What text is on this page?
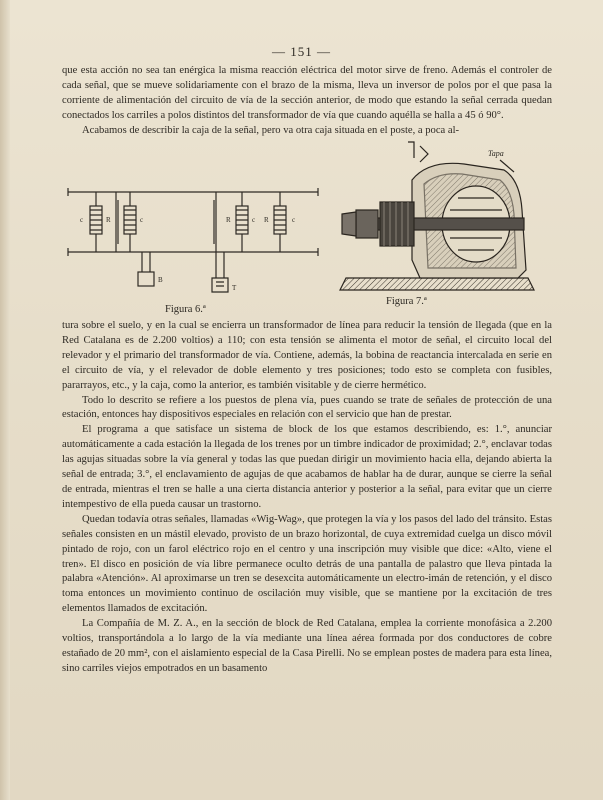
— 151 —

que esta acción no sea tan enérgica la misma reacción eléctrica del motor sirve de freno. Además el controler de cada señal, que se mueve solidariamente con el brazo de la misma, lleva un inversor de polos por el que pasa la corriente de alimentación del circuito de vía de la sección anterior, de modo que estando la señal cerrada quedan conectados los carriles a polos distintos del transformador de vía que cuando aquélla se halla a 45 ó 90°.

Acabamos de describir la caja de la señal, pero va otra caja situada en el poste, a poca al-

c	R	c	R	c R	c
B
T
Figura 6.ª
Tapa
Figura 7.ª

tura sobre el suelo, y en la cual se encierra un transformador de línea para reducir la tensión de llegada (que en la Red Catalana es de 2.200 voltios) a 110; con esta tensión se alimenta el motor de señal, el circuito local del relevador y el primario del transformador de vía. Contiene, además, la bobina de reactancia intercalada en serie en el circuito de vía, y el relevador de doble elemento y tres posiciones; todo esto se completa con fusibles, pararrayos, etc., y la caja, como la anterior, es también visitable y de cierre hermético.

Todo lo descrito se refiere a los puestos de plena vía, pues cuando se trate de señales de protección de una estación, entonces hay dispositivos especiales en relación con el servicio que han de prestar.

El programa a que satisface un sistema de block de los que estamos describiendo, es: 1.°, anunciar automáticamente a cada estación la llegada de los trenes por un timbre indicador de proximidad; 2.°, enclavar todas las agujas situadas sobre la vía general y todas las que puedan dirigir un movimiento hacia ella, dejando abierta la señal de entrada; 3.°, el enclavamiento de agujas de que acabamos de hablar ha de durar, aunque se cierre la señal de entrada, mientras el tren se halle a una cierta distancia anterior y posterior a la señal, para evitar que un cierre intempestivo de ella pueda causar un trastorno.

Quedan todavía otras señales, llamadas «Wig-Wag», que protegen la vía y los pasos del lado del tránsito. Estas señales consisten en un mástil elevado, provisto de un brazo horizontal, de cuya extremidad cuelga un disco móvil pintado de rojo, con un farol eléctrico rojo en el centro y una inscripción muy visible que dice: «Alto, viene el tren». El disco en posición de vía libre permanece oculto detrás de una pantalla de palastro que lleva pintada la palabra «Atención». Al aproximarse un tren se desexcita automáticamente un electro-imán de retención, y el disco toma entonces un movimiento continuo de oscilación muy visible, que se mantiene por la excitación de tres elementos llamados de excitación.

La Compañía de M. Z. A., en la sección de block de Red Catalana, emplea la corriente monofásica a 2.200 voltios, transportándola a lo largo de la vía mediante una línea aérea formada por dos conductores de cobre estañado de 20 mm², con el aislamiento especial de la Casa Pirelli. No se emplean postes de madera para esta línea, sino carriles viejos empotrados en un basamento
